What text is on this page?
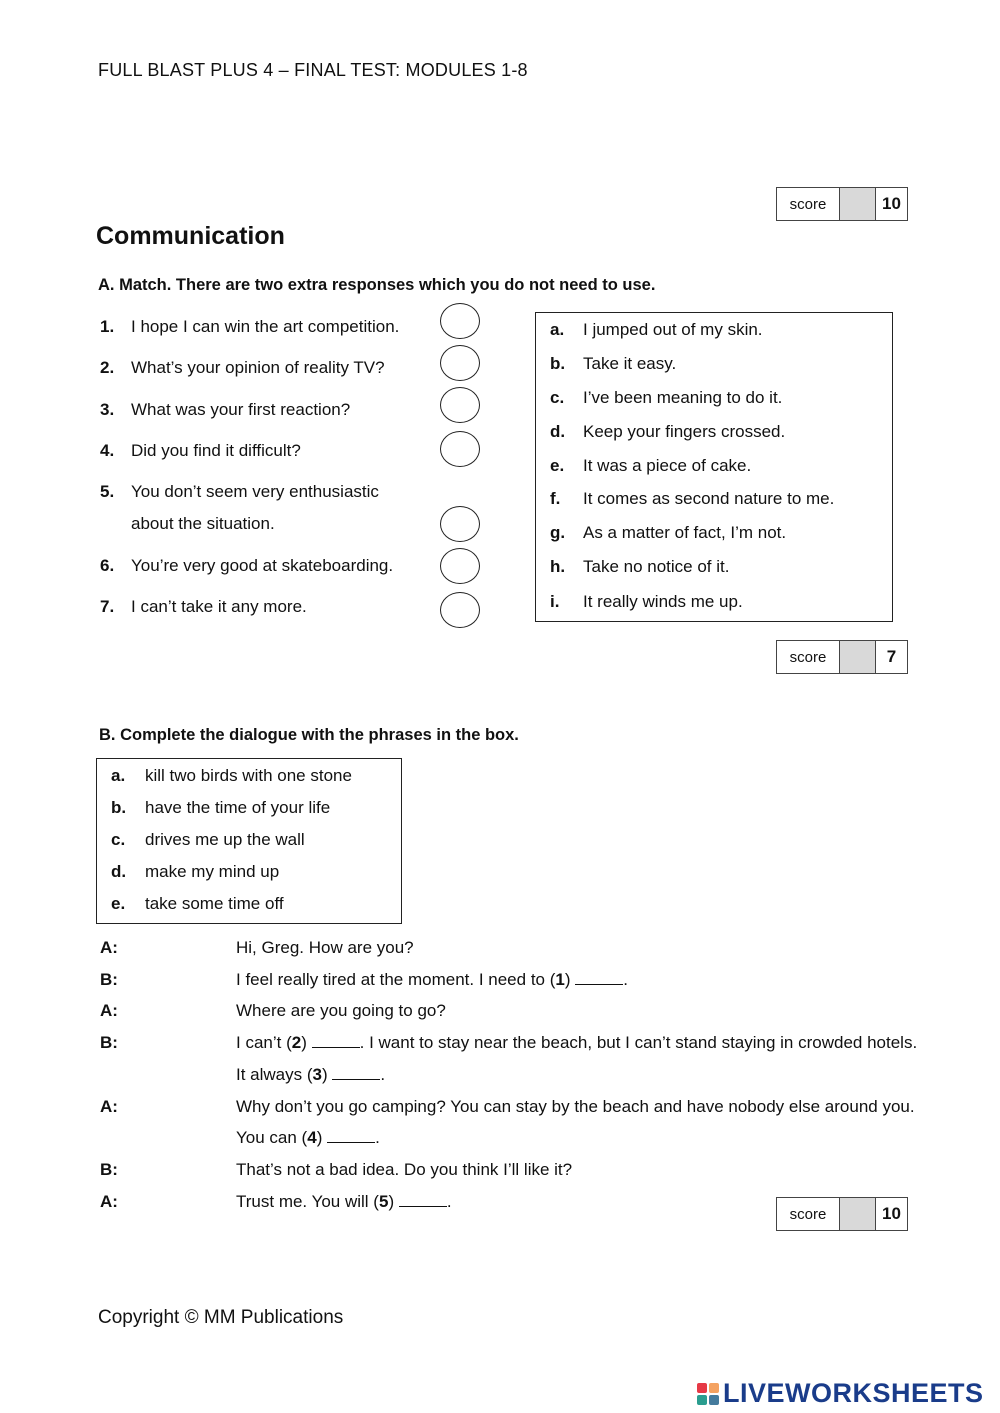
FULL BLAST PLUS 4 – FINAL TEST: MODULES 1-8
score	10
Communication
A. Match. There are two extra responses which you do not need to use.
1. I hope I can win the art competition.
2. What’s your opinion of reality TV?
3. What was your first reaction?
4. Did you find it difficult?
5. You don’t seem very enthusiastic
about the situation.
6. You’re very good at skateboarding.
7. I can’t take it any more.
a.	I jumped out of my skin.
b.	Take it easy.
c.	I’ve been meaning to do it.
d.	Keep your fingers crossed.
e.	It was a piece of cake.
f.	It comes as second nature to me.
g.	As a matter of fact, I’m not.
h.	Take no notice of it.
i.	It really winds me up.
score	7
B. Complete the dialogue with the phrases in the box.
a.	kill two birds with one stone
b.	have the time of your life
c.	drives me up the wall
d.	make my mind up
e.	take some time off
A:	Hi, Greg. How are you?
B:	I feel really tired at the moment. I need to (1)	.
A:	Where are you going to go?
B:	I can’t (2)	. I want to stay near the beach, but I can’t stand staying in crowded hotels.
It always (3)	.
A:	Why don’t you go camping? You can stay by the beach and have nobody else around you.
You can (4)	.
B:	That’s not a bad idea. Do you think I’ll like it?
A:	Trust me. You will (5)	.
score	10
Copyright © MM Publications
LIVEWORKSHEETS
